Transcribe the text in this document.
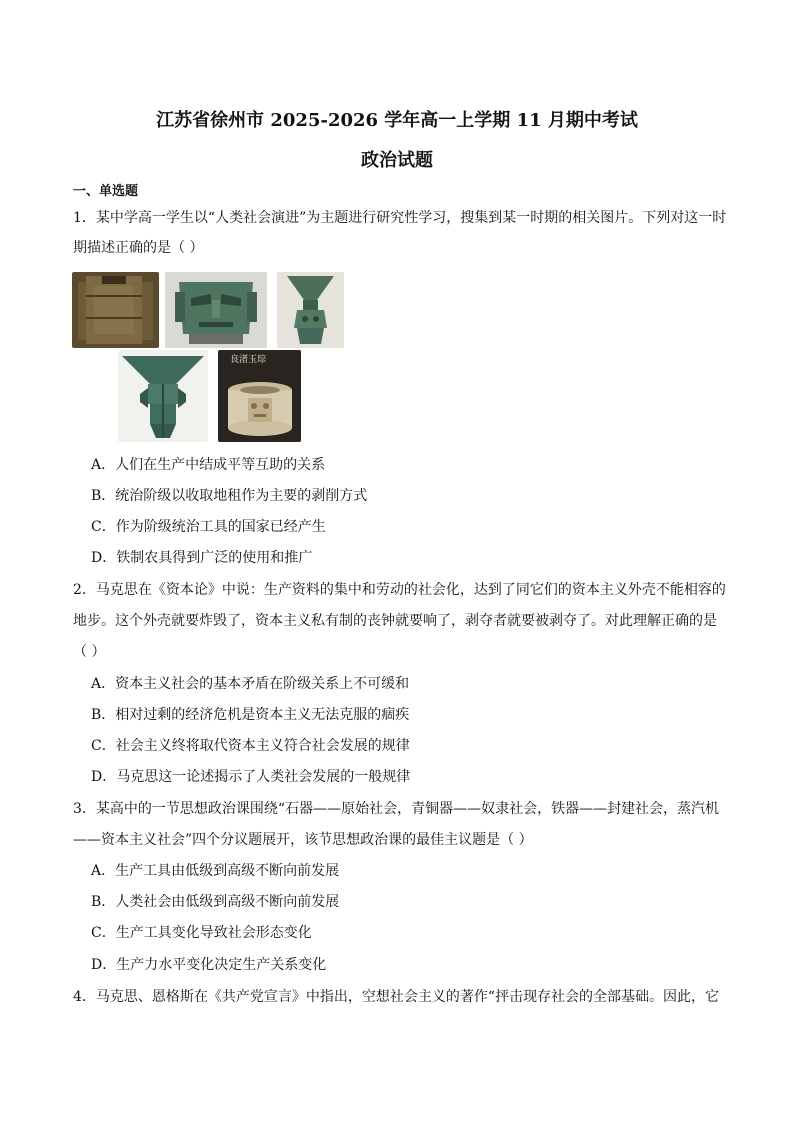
江苏省徐州市 2025-2026 学年高一上学期 11 月期中考试
政治试题
一、单选题
1．某中学高一学生以“人类社会演进”为主题进行研究性学习，搜集到某一时期的相关图片。下列对这一时
期描述正确的是（ ）
良渚玉琮
A．人们在生产中结成平等互助的关系
B．统治阶级以收取地租作为主要的剥削方式
C．作为阶级统治工具的国家已经产生
D．铁制农具得到广泛的使用和推广
2．马克思在《资本论》中说：生产资料的集中和劳动的社会化，达到了同它们的资本主义外壳不能相容的
地步。这个外壳就要炸毁了，资本主义私有制的丧钟就要响了，剥夺者就要被剥夺了。对此理解正确的是
（ ）
A．资本主义社会的基本矛盾在阶级关系上不可缓和
B．相对过剩的经济危机是资本主义无法克服的痼疾
C．社会主义终将取代资本主义符合社会发展的规律
D．马克思这一论述揭示了人类社会发展的一般规律
3．某高中的一节思想政治课围绕“石器——原始社会，青铜器——奴隶社会，铁器——封建社会，蒸汽机
——资本主义社会”四个分议题展开，该节思想政治课的最佳主议题是（ ）
A．生产工具由低级到高级不断向前发展
B．人类社会由低级到高级不断向前发展
C．生产工具变化导致社会形态变化
D．生产力水平变化决定生产关系变化
4．马克思、恩格斯在《共产党宣言》中指出，空想社会主义的著作“抨击现存社会的全部基础。因此，它
